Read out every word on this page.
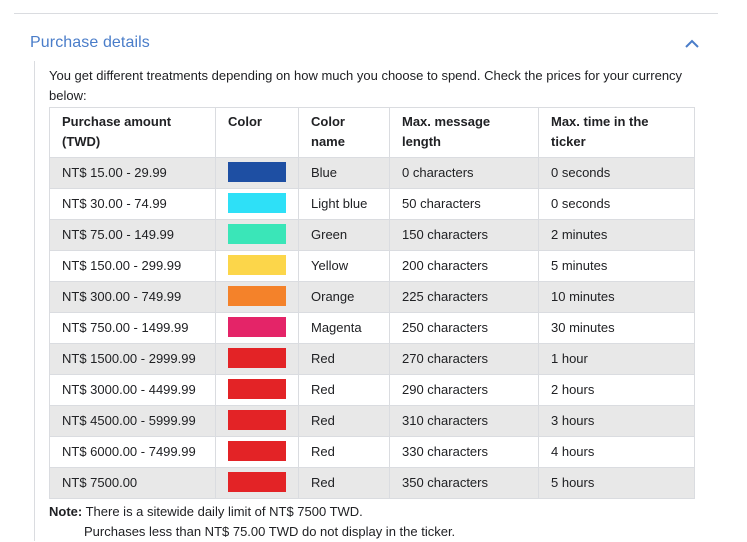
Purchase details

You get different treatments depending on how much you choose to spend. Check the prices for your currency below:

Purchase amount (TWD)	Color	Color name	Max. message length	Max. time in the ticker
NT$ 15.00 - 29.99		Blue	0 characters	0 seconds
NT$ 30.00 - 74.99		Light blue	50 characters	0 seconds
NT$ 75.00 - 149.99		Green	150 characters	2 minutes
NT$ 150.00 - 299.99		Yellow	200 characters	5 minutes
NT$ 300.00 - 749.99		Orange	225 characters	10 minutes
NT$ 750.00 - 1499.99		Magenta	250 characters	30 minutes
NT$ 1500.00 - 2999.99		Red	270 characters	1 hour
NT$ 3000.00 - 4499.99		Red	290 characters	2 hours
NT$ 4500.00 - 5999.99		Red	310 characters	3 hours
NT$ 6000.00 - 7499.99		Red	330 characters	4 hours
NT$ 7500.00		Red	350 characters	5 hours

Note: There is a sitewide daily limit of NT$ 7500 TWD.
Purchases less than NT$ 75.00 TWD do not display in the ticker.
